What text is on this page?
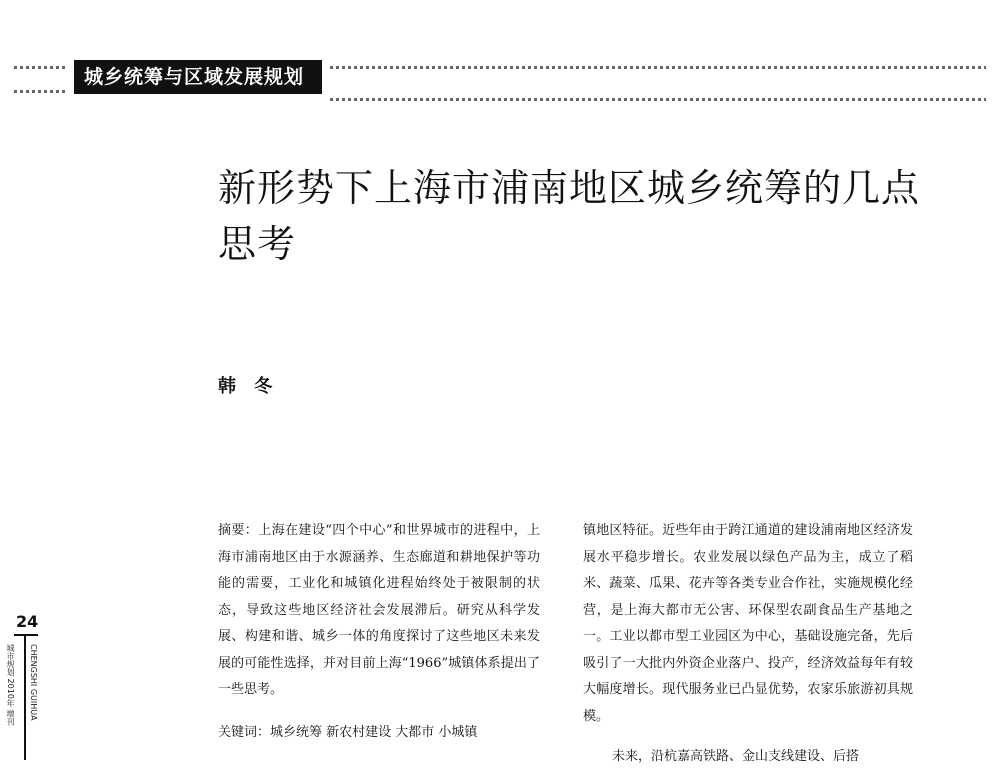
城乡统筹与区域发展规划
新形势下上海市浦南地区城乡统筹的几点思考
韩 冬

摘要：上海在建设“四个中心”和世界城市的进程中，上海市浦南地区由于水源涵养、生态廊道和耕地保护等功能的需要，工业化和城镇化进程始终处于被限制的状态，导致这些地区经济社会发展滞后。研究从科学发展、构建和谐、城乡一体的角度探讨了这些地区未来发展的可能性选择，并对目前上海“1966”城镇体系提出了一些思考。

关键词：城乡统筹 新农村建设 大都市 小城镇

镇地区特征。近些年由于跨江通道的建设浦南地区经济发展水平稳步增长。农业发展以绿色产品为主，成立了稻米、蔬菜、瓜果、花卉等各类专业合作社，实施规模化经营，是上海大都市无公害、环保型农副食品生产基地之一。工业以都市型工业园区为中心，基础设施完备，先后吸引了一大批内外资企业落户、投产，经济效益每年有较大幅度增长。现代服务业已凸显优势，农家乐旅游初具规模。

未来，沿杭嘉高铁路、金山支线建设、后搭

24
城市规划 2010年 增刊 CHENGSHI GUIHUA
